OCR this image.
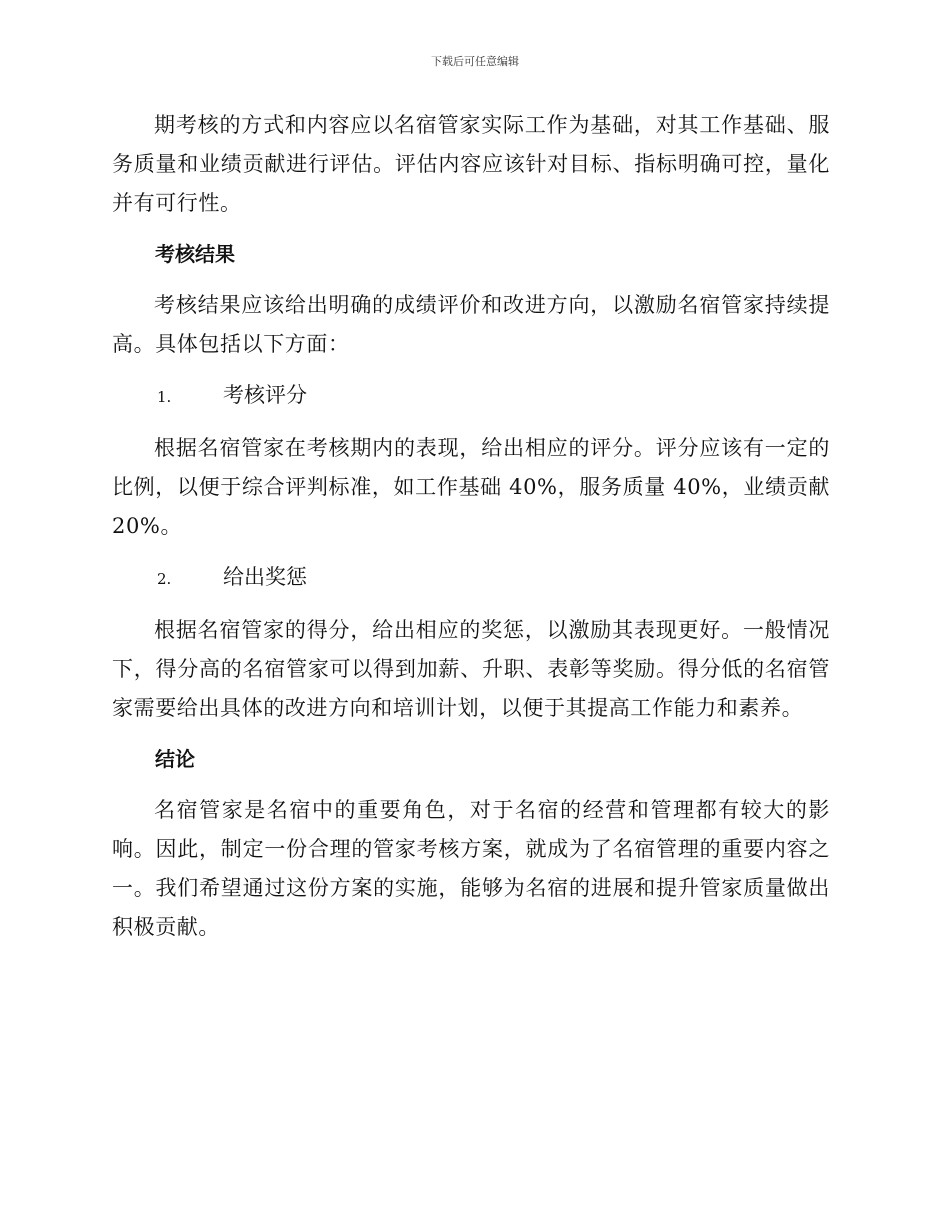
下载后可任意编辑

期考核的方式和内容应以名宿管家实际工作为基础，对其工作基础、服务质量和业绩贡献进行评估。评估内容应该针对目标、指标明确可控，量化并有可行性。

考核结果

考核结果应该给出明确的成绩评价和改进方向，以激励名宿管家持续提高。具体包括以下方面：

1.	考核评分

根据名宿管家在考核期内的表现，给出相应的评分。评分应该有一定的比例，以便于综合评判标准，如工作基础 40%，服务质量 40%，业绩贡献 20%。

2.	给出奖惩

根据名宿管家的得分，给出相应的奖惩，以激励其表现更好。一般情况下，得分高的名宿管家可以得到加薪、升职、表彰等奖励。得分低的名宿管家需要给出具体的改进方向和培训计划，以便于其提高工作能力和素养。

结论

名宿管家是名宿中的重要角色，对于名宿的经营和管理都有较大的影响。因此，制定一份合理的管家考核方案，就成为了名宿管理的重要内容之一。我们希望通过这份方案的实施，能够为名宿的进展和提升管家质量做出积极贡献。
